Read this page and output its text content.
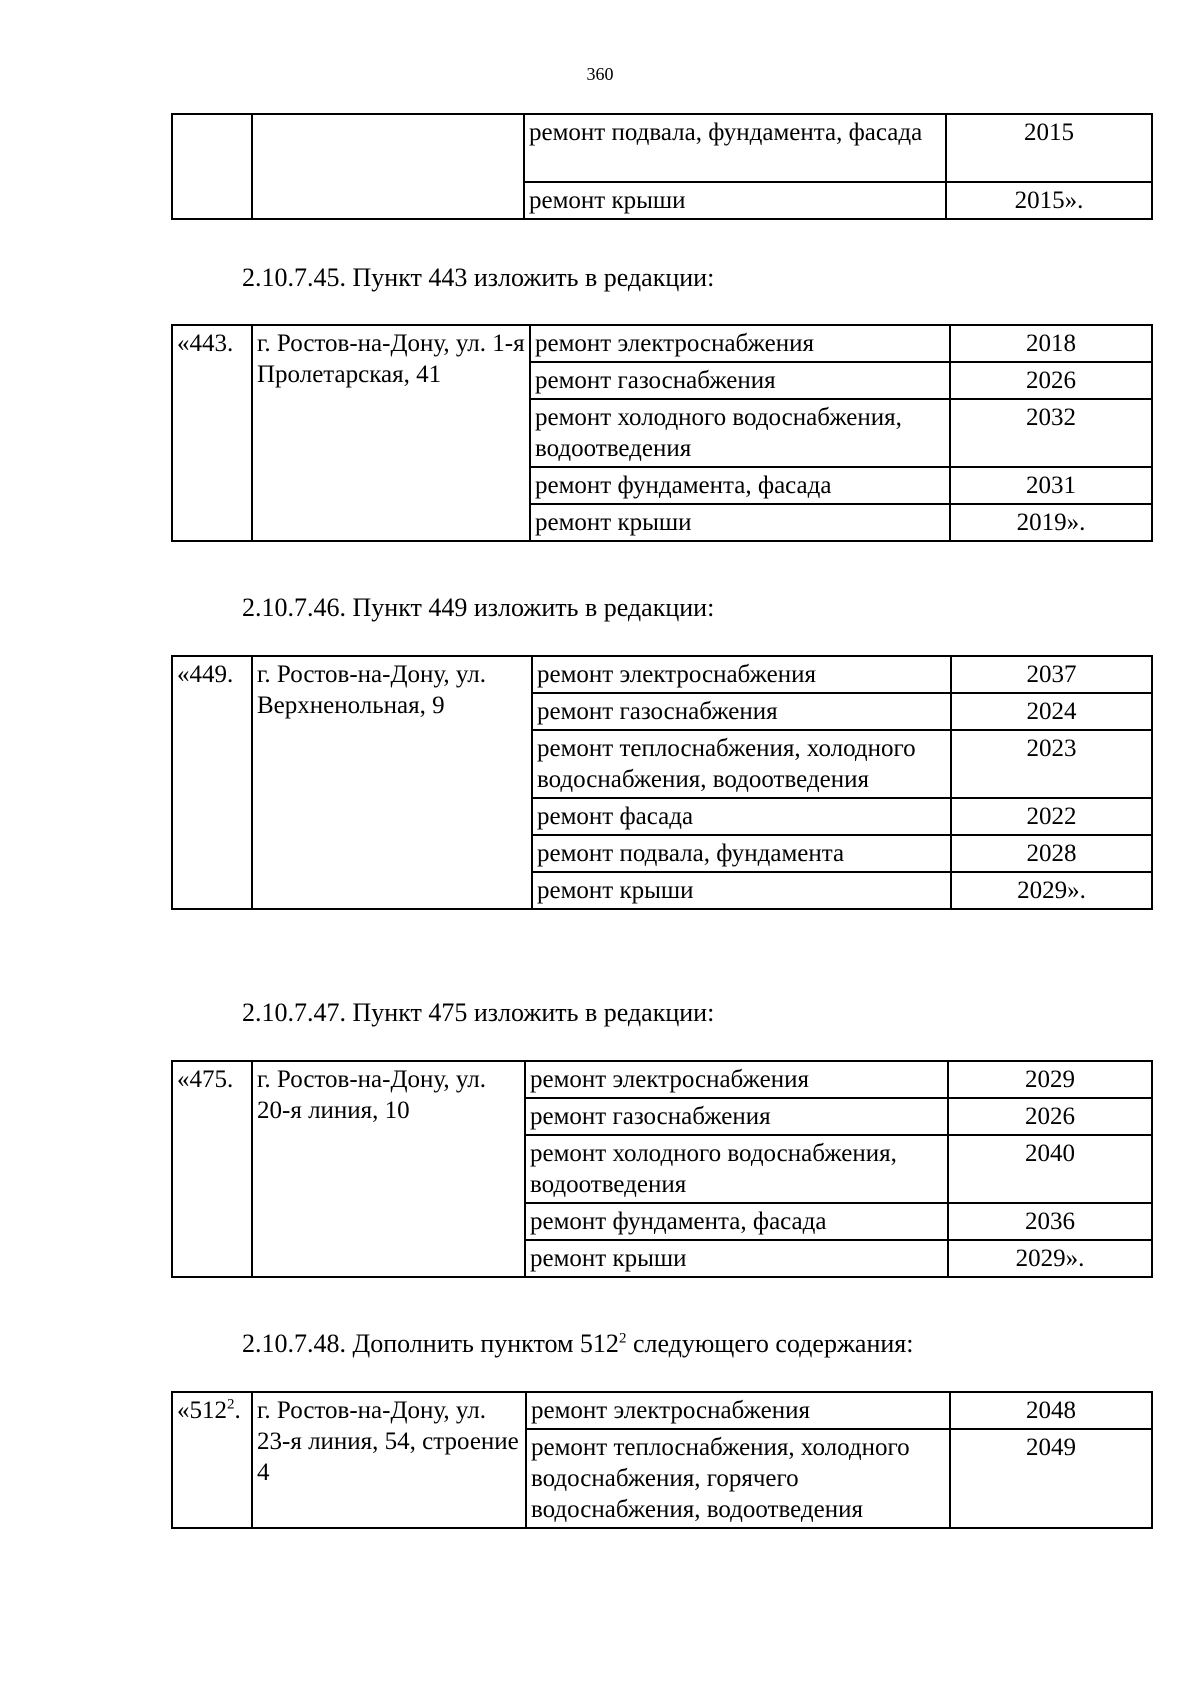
360
		ремонт подвала, фундамента, фасада	2015
		ремонт крыши	2015».
2.10.7.45. Пункт 443 изложить в редакции:
«443.	г. Ростов-на-Дону, ул. 1-я Пролетарская, 41	ремонт электроснабжения	2018
		ремонт газоснабжения	2026
		ремонт холодного водоснабжения, водоотведения	2032
		ремонт фундамента, фасада	2031
		ремонт крыши	2019».
2.10.7.46. Пункт 449 изложить в редакции:
«449.	г. Ростов-на-Дону, ул. Верхненольная, 9	ремонт электроснабжения	2037
		ремонт газоснабжения	2024
		ремонт теплоснабжения, холодного водоснабжения, водоотведения	2023
		ремонт фасада	2022
		ремонт подвала, фундамента	2028
		ремонт крыши	2029».
2.10.7.47. Пункт 475 изложить в редакции:
«475.	г. Ростов-на-Дону, ул. 20-я линия, 10	ремонт электроснабжения	2029
		ремонт газоснабжения	2026
		ремонт холодного водоснабжения, водоотведения	2040
		ремонт фундамента, фасада	2036
		ремонт крыши	2029».
2.10.7.48. Дополнить пунктом $512^2$ следующего содержания:
«$512^2$.	г. Ростов-на-Дону, ул. 23-я линия, 54, строение 4	ремонт электроснабжения	2048
		ремонт теплоснабжения, холодного водоснабжения, горячего водоснабжения, водоотведения	2049
